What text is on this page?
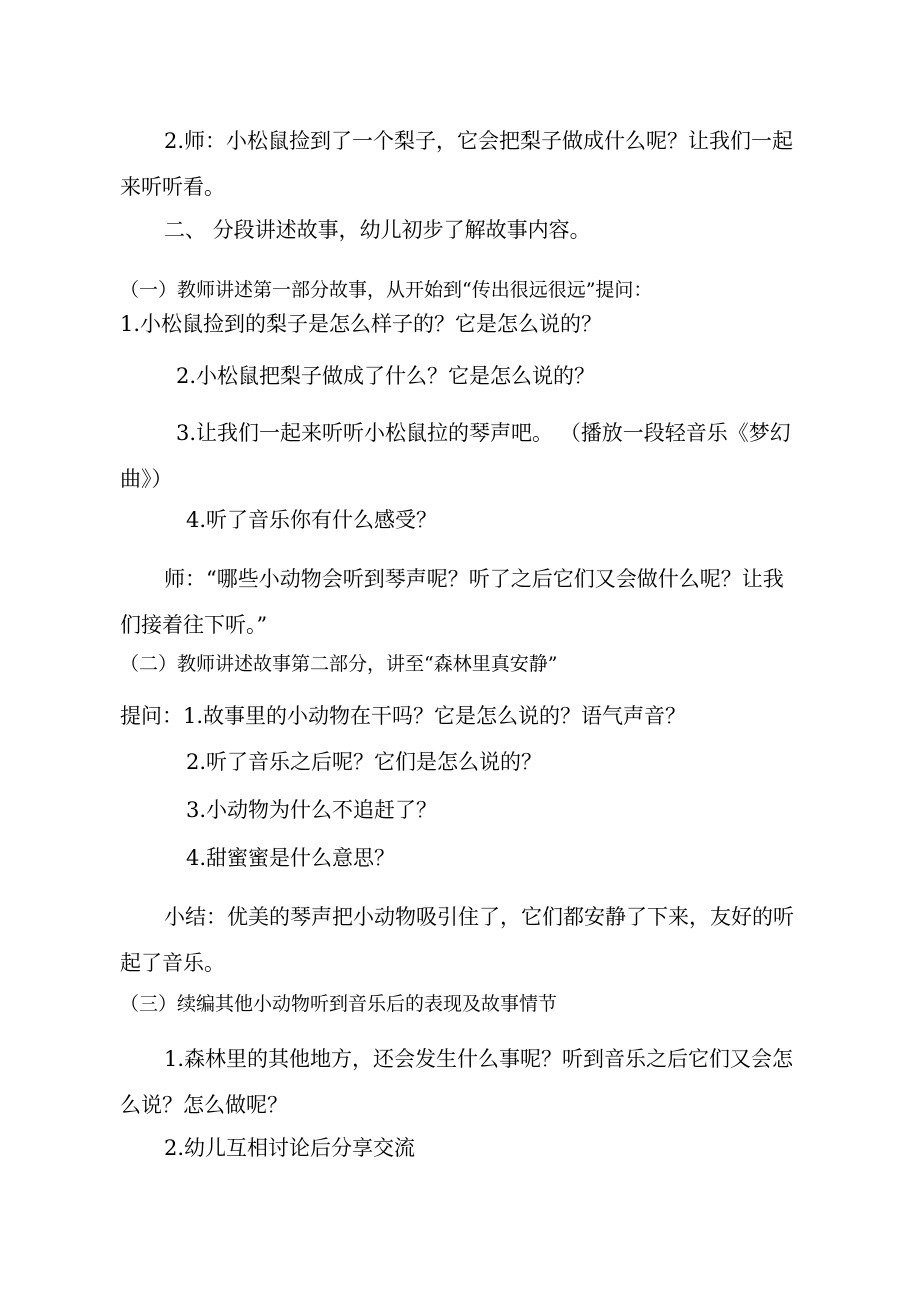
2.师：小松鼠捡到了一个梨子，它会把梨子做成什么呢？让我们一起来听听看。

二、 分段讲述故事，幼儿初步了解故事内容。

（一）教师讲述第一部分故事，从开始到“传出很远很远”提问：

1.小松鼠捡到的梨子是怎么样子的？它是怎么说的？

2.小松鼠把梨子做成了什么？它是怎么说的？

3.让我们一起来听听小松鼠拉的琴声吧。 （播放一段轻音乐《梦幻曲》）

4.听了音乐你有什么感受？

师：“哪些小动物会听到琴声呢？听了之后它们又会做什么呢？让我们接着往下听。”

（二）教师讲述故事第二部分，讲至“森林里真安静”

提问：1.故事里的小动物在干吗？它是怎么说的？语气声音？

2.听了音乐之后呢？它们是怎么说的？

3.小动物为什么不追赶了？

4.甜蜜蜜是什么意思？

小结：优美的琴声把小动物吸引住了，它们都安静了下来，友好的听起了音乐。

（三）续编其他小动物听到音乐后的表现及故事情节

1.森林里的其他地方，还会发生什么事呢？听到音乐之后它们又会怎么说？怎么做呢？

2.幼儿互相讨论后分享交流
